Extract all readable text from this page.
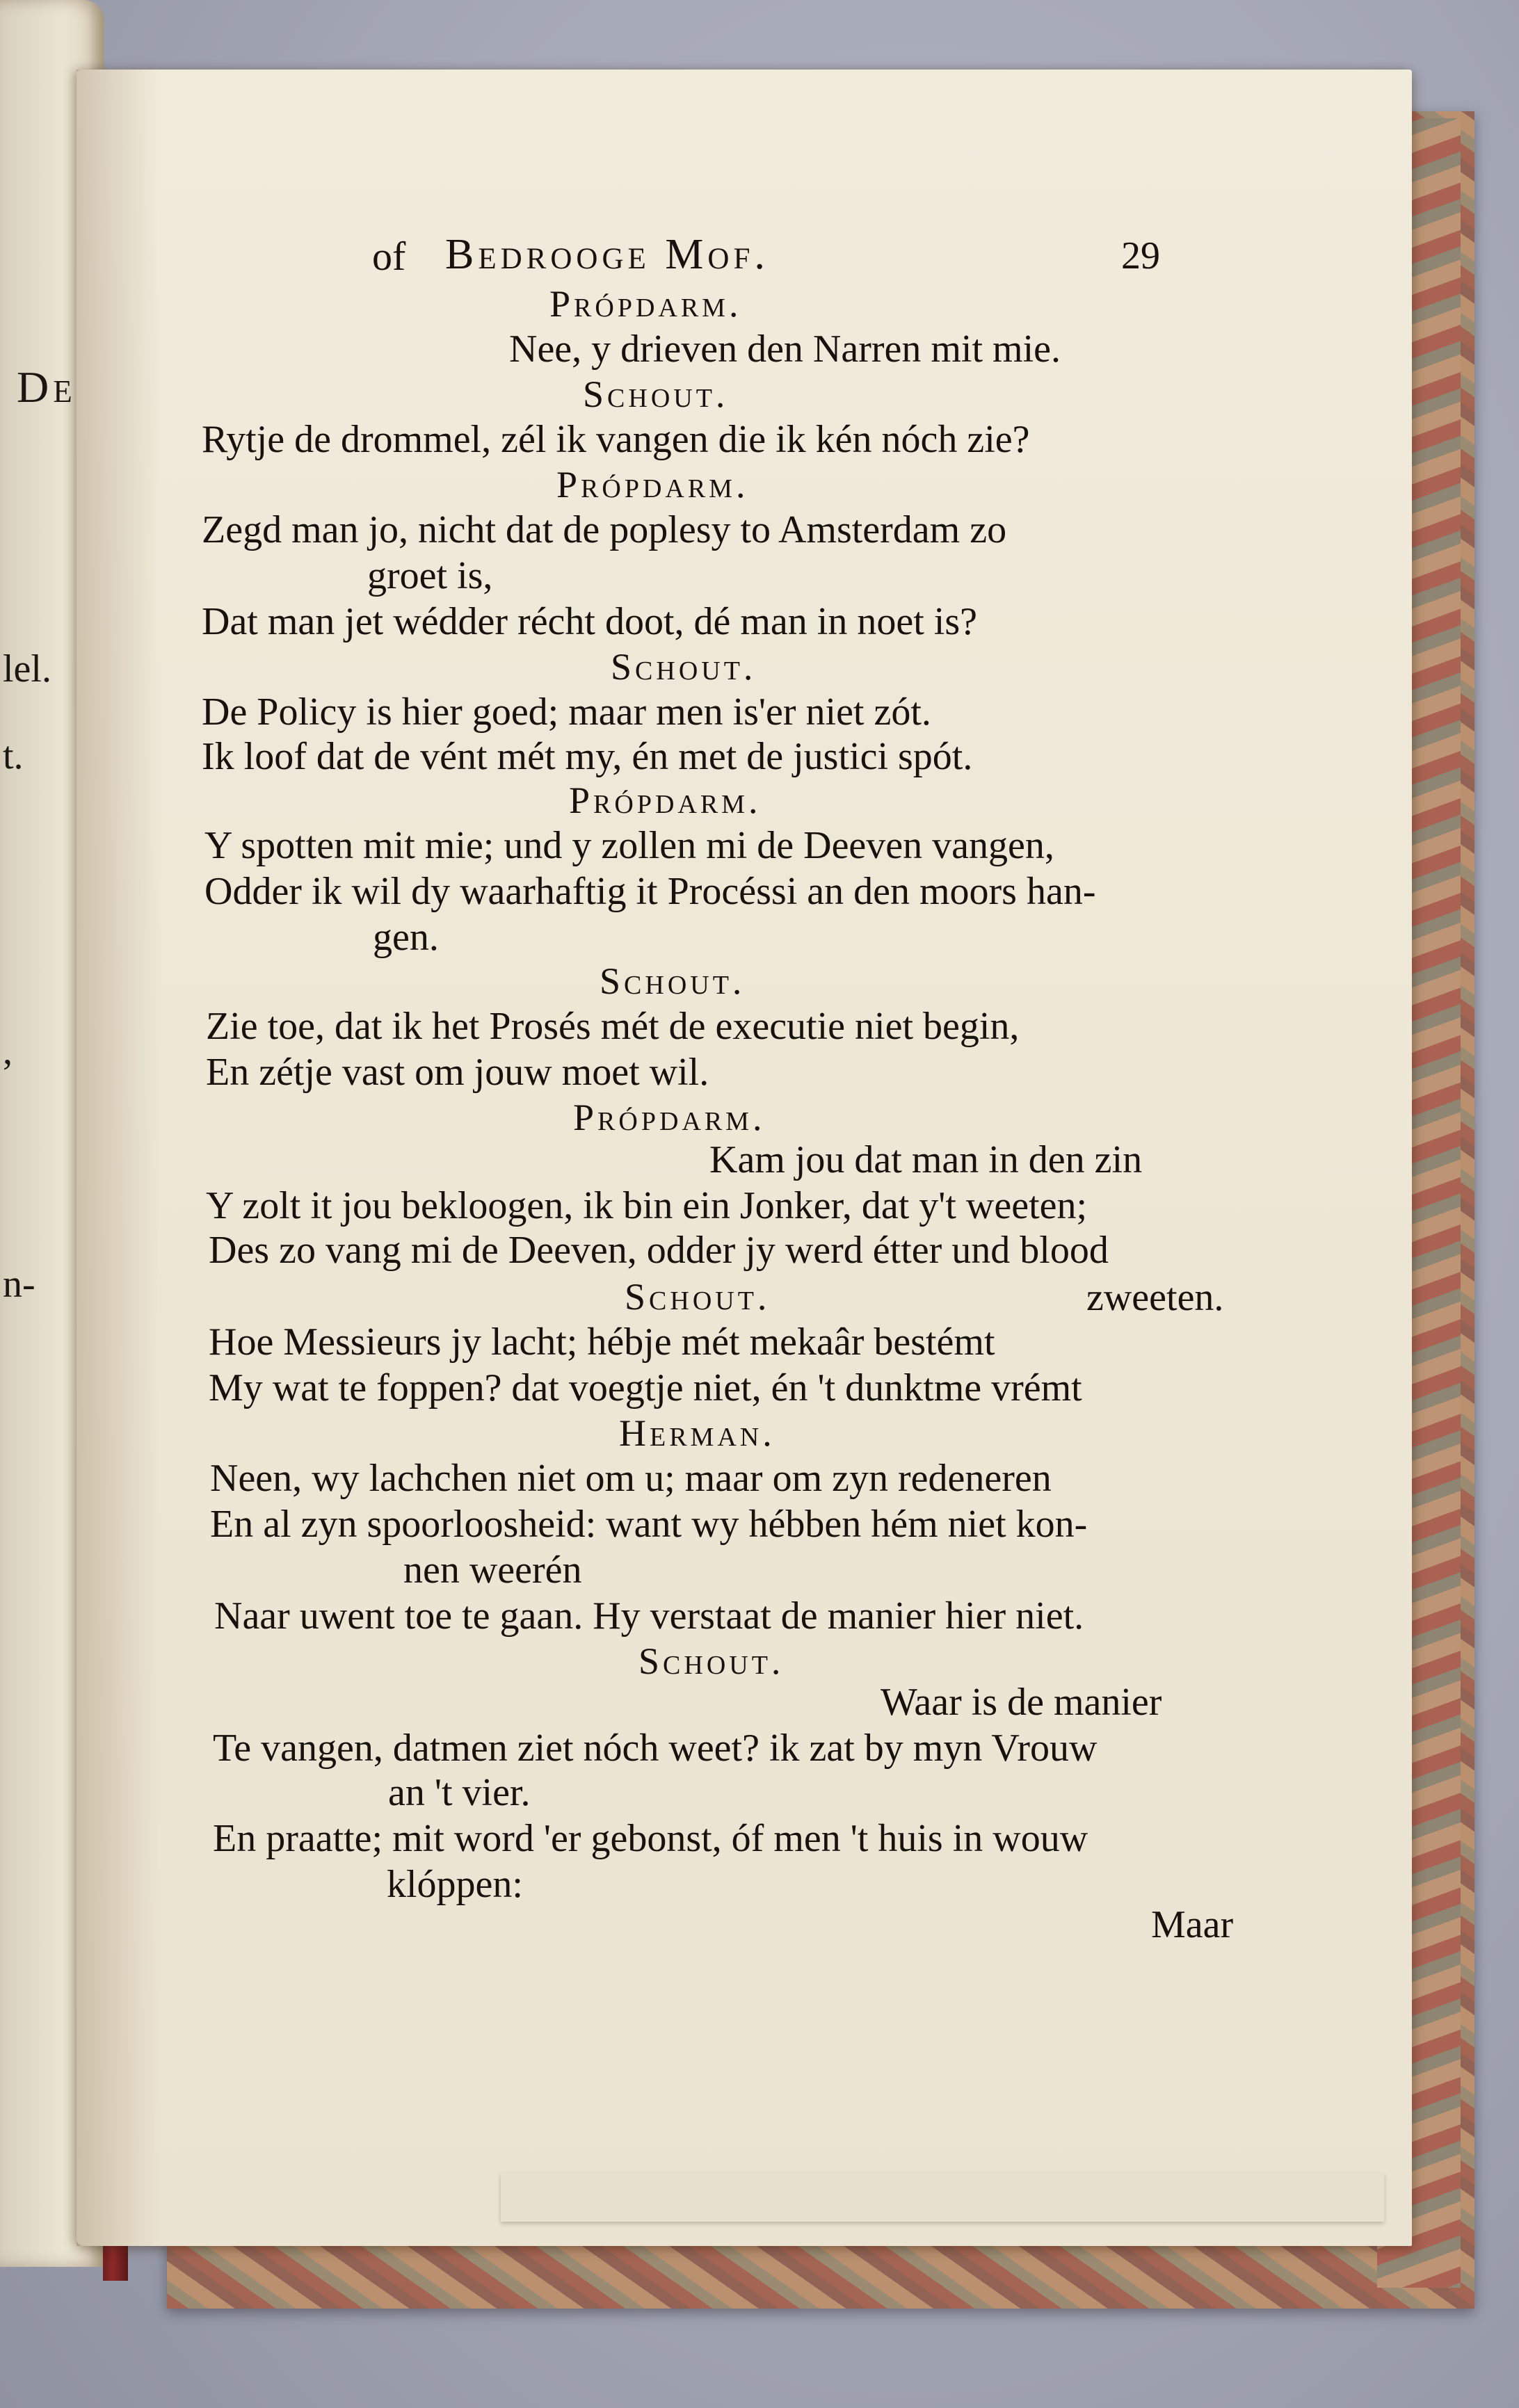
De
lel.
t.
,
n-
of Bedrooge Mof.	29
Própdarm.
Nee, y drieven den Narren mit mie.
Schout.
Rytje de drommel, zél ik vangen die ik kén nóch zie?
Própdarm.
Zegd man jo, nicht dat de poplesy to Amsterdam zo
groet is,
Dat man jet wédder récht doot, dé man in noet is?
Schout.
De Policy is hier goed; maar men is'er niet zót.
Ik loof dat de vént mét my, én met de justici spót.
Própdarm.
Y spotten mit mie; und y zollen mi de Deeven vangen,
Odder ik wil dy waarhaftig it Procéssi an den moors han-
gen.
Schout.
Zie toe, dat ik het Prosés mét de executie niet begin,
En zétje vast om jouw moet wil.
Própdarm.
Kam jou dat man in den zin
Y zolt it jou bekloogen, ik bin ein Jonker, dat y't weeten;
Des zo vang mi de Deeven, odder jy werd étter und blood
Schout.	zweeten.
Hoe Messieurs jy lacht; hébje mét mekaâr bestémt
My wat te foppen? dat voegtje niet, én 't dunktme vrémt
Herman.
Neen, wy lachchen niet om u; maar om zyn redeneren
En al zyn spoorloosheid: want wy hébben hém niet kon-
nen weerén
Naar uwent toe te gaan. Hy verstaat de manier hier niet.
Schout.
Waar is de manier
Te vangen, datmen ziet nóch weet? ik zat by myn Vrouw
an 't vier.
En praatte; mit word 'er gebonst, óf men 't huis in wouw
klóppen:
Maar
